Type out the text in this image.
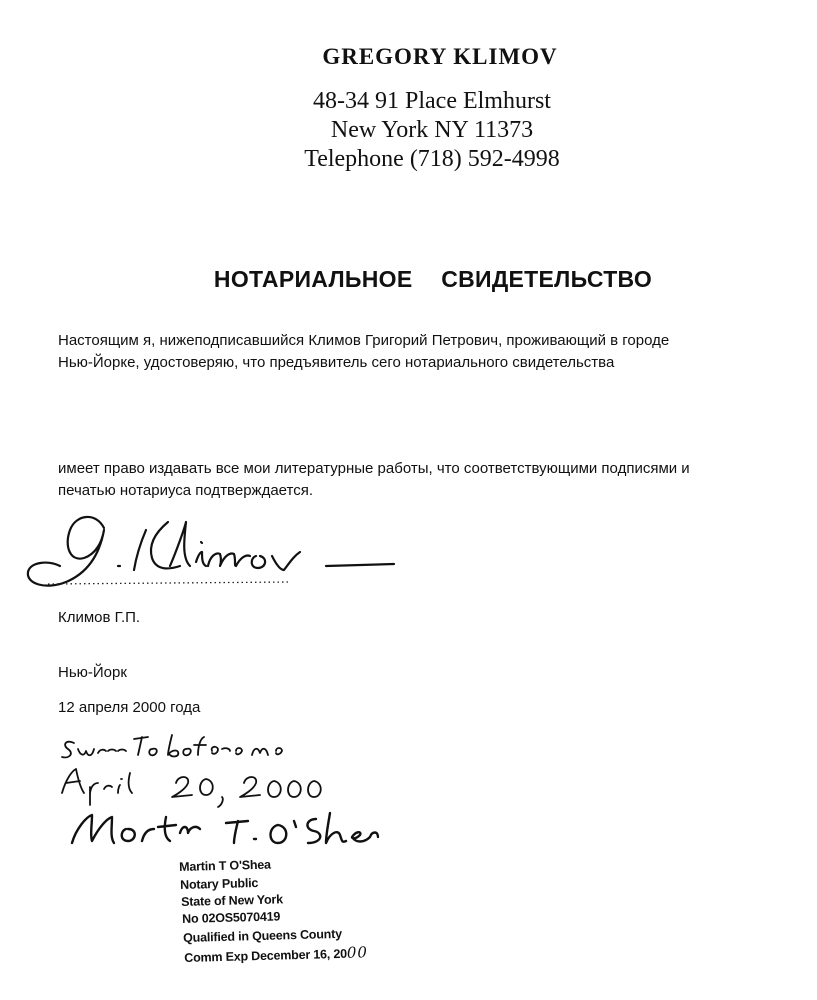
GREGORY KLIMOV
48-34 91 Place Elmhurst
New York NY 11373
Telephone (718) 592-4998
НОТАРИАЛЬНОЕ СВИДЕТЕЛЬСТВО
Настоящим я, нижеподписавшийся Климов Григорий Петрович, проживающий в городе
Нью-Йорке, удостоверяю, что предъявитель сего нотариального свидетельства
имеет право издавать все мои литературные работы, что соответствующими подписями и
печатью нотариуса подтверждается.
Климов Г.П.
Нью-Йорк
12 апреля 2000 года
Martin T O'Shea
Notary Public
State of New York
No 02OS5070419
Qualified in Queens County
Comm Exp December 16, 2000
